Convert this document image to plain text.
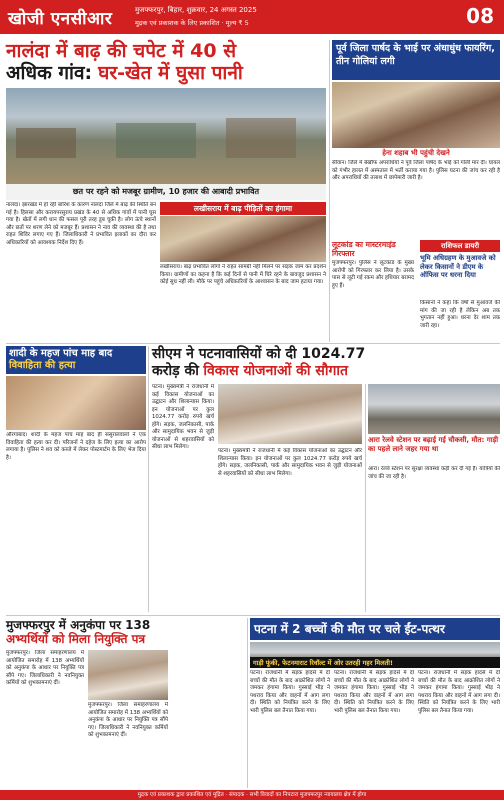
खोजी एनसीआर	मुजफ्फरपुर, बिहार, शुक्रवार, 24 अगस्त 2025
मुद्रक एवं प्रकाशक के लिए प्रकाशित · मूल्य ₹ 5	08
नालंदा में बाढ़ की चपेट में 40 से
अधिक गांव: घर-खेत में घुसा पानी
छत पर रहने को मजबूर ग्रामीण, 10 हजार की आबादी प्रभावित
नालंदा। झारखंड में हो रही बारिश के कारण नालंदा जिले में बाढ़ की स्थिति बन गई है। हिलसा और करायपरसुराय प्रखंड के 40 से अधिक गांवों में पानी घुस गया है। खेतों में लगी धान की फसल पूरी तरह डूब चुकी है। लोग ऊंचे स्थानों और छतों पर शरण लेने को मजबूर हैं। प्रशासन ने नाव की व्यवस्था की है तथा राहत शिविर लगाए गए हैं। जिलाधिकारी ने प्रभावित इलाकों का दौरा कर अधिकारियों को आवश्यक निर्देश दिए हैं।
लखीसराय में बाढ़ पीड़ितों का हंगामा
लखीसराय। बाढ़ प्रभावित लोगों ने राहत सामग्री नहीं मिलने पर सड़क जाम कर प्रदर्शन किया। ग्रामीणों का कहना है कि कई दिनों से पानी में घिरे रहने के बावजूद प्रशासन ने कोई सुध नहीं ली। मौके पर पहुंचे अधिकारियों के आश्वासन के बाद जाम हटाया गया।
पूर्व जिला पार्षद के भाई पर अंधाधुंध फायरिंग, तीन गोलियां लगी
हेना शहाब भी पहुंची देखने
सीवान। जिले में बेखौफ अपराधियों ने पूर्व जिला पार्षद के भाई को गोली मार दी। घायल को गंभीर हालत में अस्पताल में भर्ती कराया गया है। पुलिस घटना की जांच कर रही है और अपराधियों की तलाश में छापेमारी जारी है।
लूटकांड का मास्टरमाइंड गिरफ्तार
मुजफ्फरपुर। पुलिस ने लूटकांड के मुख्य आरोपी को गिरफ्तार कर लिया है। उसके पास से लूटी गई रकम और हथियार बरामद हुए हैं।
राशिफल डायरी
भूमि अधिग्रहण के मुआवजे को लेकर किसानों ने डीएम के ऑफिस पर धरना दिया
किसानों ने कहा कि वर्षों से मुआवजे की मांग की जा रही है लेकिन अब तक भुगतान नहीं हुआ। धरना देर शाम तक जारी रहा।
शादी के महज पांच माह बाद
विवाहिता की हत्या
औरंगाबाद। शादी के महज पांच माह बाद ही ससुरालवालों ने एक विवाहिता की हत्या कर दी। परिजनों ने दहेज के लिए हत्या का आरोप लगाया है। पुलिस ने शव को कब्जे में लेकर पोस्टमार्टम के लिए भेज दिया है।
सीएम ने पटनावासियों को दी 1024.77
करोड़ की विकास योजनाओं की सौगात
पटना। मुख्यमंत्री ने राजधानी में कई विकास योजनाओं का उद्घाटन और शिलान्यास किया। इन योजनाओं पर कुल 1024.77 करोड़ रुपये खर्च होंगे। सड़क, जलनिकासी, पार्क और सामुदायिक भवन से जुड़ी योजनाओं से शहरवासियों को सीधा लाभ मिलेगा।
पटना। मुख्यमंत्री ने राजधानी में कई विकास योजनाओं का उद्घाटन और शिलान्यास किया। इन योजनाओं पर कुल 1024.77 करोड़ रुपये खर्च होंगे। सड़क, जलनिकासी, पार्क और सामुदायिक भवन से जुड़ी योजनाओं से शहरवासियों को सीधा लाभ मिलेगा।
आरा रेलवे स्टेशन पर बढ़ाई गई चौकसी, मौत: गाड़ी का पहले लाने जहर गया था
आरा। रेलवे स्टेशन पर सुरक्षा व्यवस्था कड़ी कर दी गई है। यात्रियों की जांच की जा रही है।
मुजफ्फरपुर में अनुकंपा पर 138
अभ्यर्थियों को मिला नियुक्ति पत्र
मुजफ्फरपुर। जिला समाहरणालय में आयोजित समारोह में 138 अभ्यर्थियों को अनुकंपा के आधार पर नियुक्ति पत्र सौंपे गए। जिलाधिकारी ने नवनियुक्त कर्मियों को शुभकामनाएं दीं।
मुजफ्फरपुर। जिला समाहरणालय में आयोजित समारोह में 138 अभ्यर्थियों को अनुकंपा के आधार पर नियुक्ति पत्र सौंपे गए। जिलाधिकारी ने नवनियुक्त कर्मियों को शुभकामनाएं दीं।
पटना में 2 बच्चों की मौत पर चले ईंट-पत्थर
गाड़ी फूंकी, फेटनमाराट रिवॉल्ट में ओर उतरही गहर मिलती!
पटना। राजधानी में सड़क हादसे में दो बच्चों की मौत के बाद आक्रोशित लोगों ने जमकर हंगामा किया। गुस्साई भीड़ ने पथराव किया और वाहनों में आग लगा दी। स्थिति को नियंत्रित करने के लिए भारी पुलिस बल तैनात किया गया।
पटना। राजधानी में सड़क हादसे में दो बच्चों की मौत के बाद आक्रोशित लोगों ने जमकर हंगामा किया। गुस्साई भीड़ ने पथराव किया और वाहनों में आग लगा दी। स्थिति को नियंत्रित करने के लिए भारी पुलिस बल तैनात किया गया।
पटना। राजधानी में सड़क हादसे में दो बच्चों की मौत के बाद आक्रोशित लोगों ने जमकर हंगामा किया। गुस्साई भीड़ ने पथराव किया और वाहनों में आग लगा दी। स्थिति को नियंत्रित करने के लिए भारी पुलिस बल तैनात किया गया।
मुद्रक एवं प्रकाशक द्वारा प्रकाशित एवं मुद्रित · संपादक · सभी विवादों का निपटारा मुजफ्फरपुर न्यायालय क्षेत्र में होगा
